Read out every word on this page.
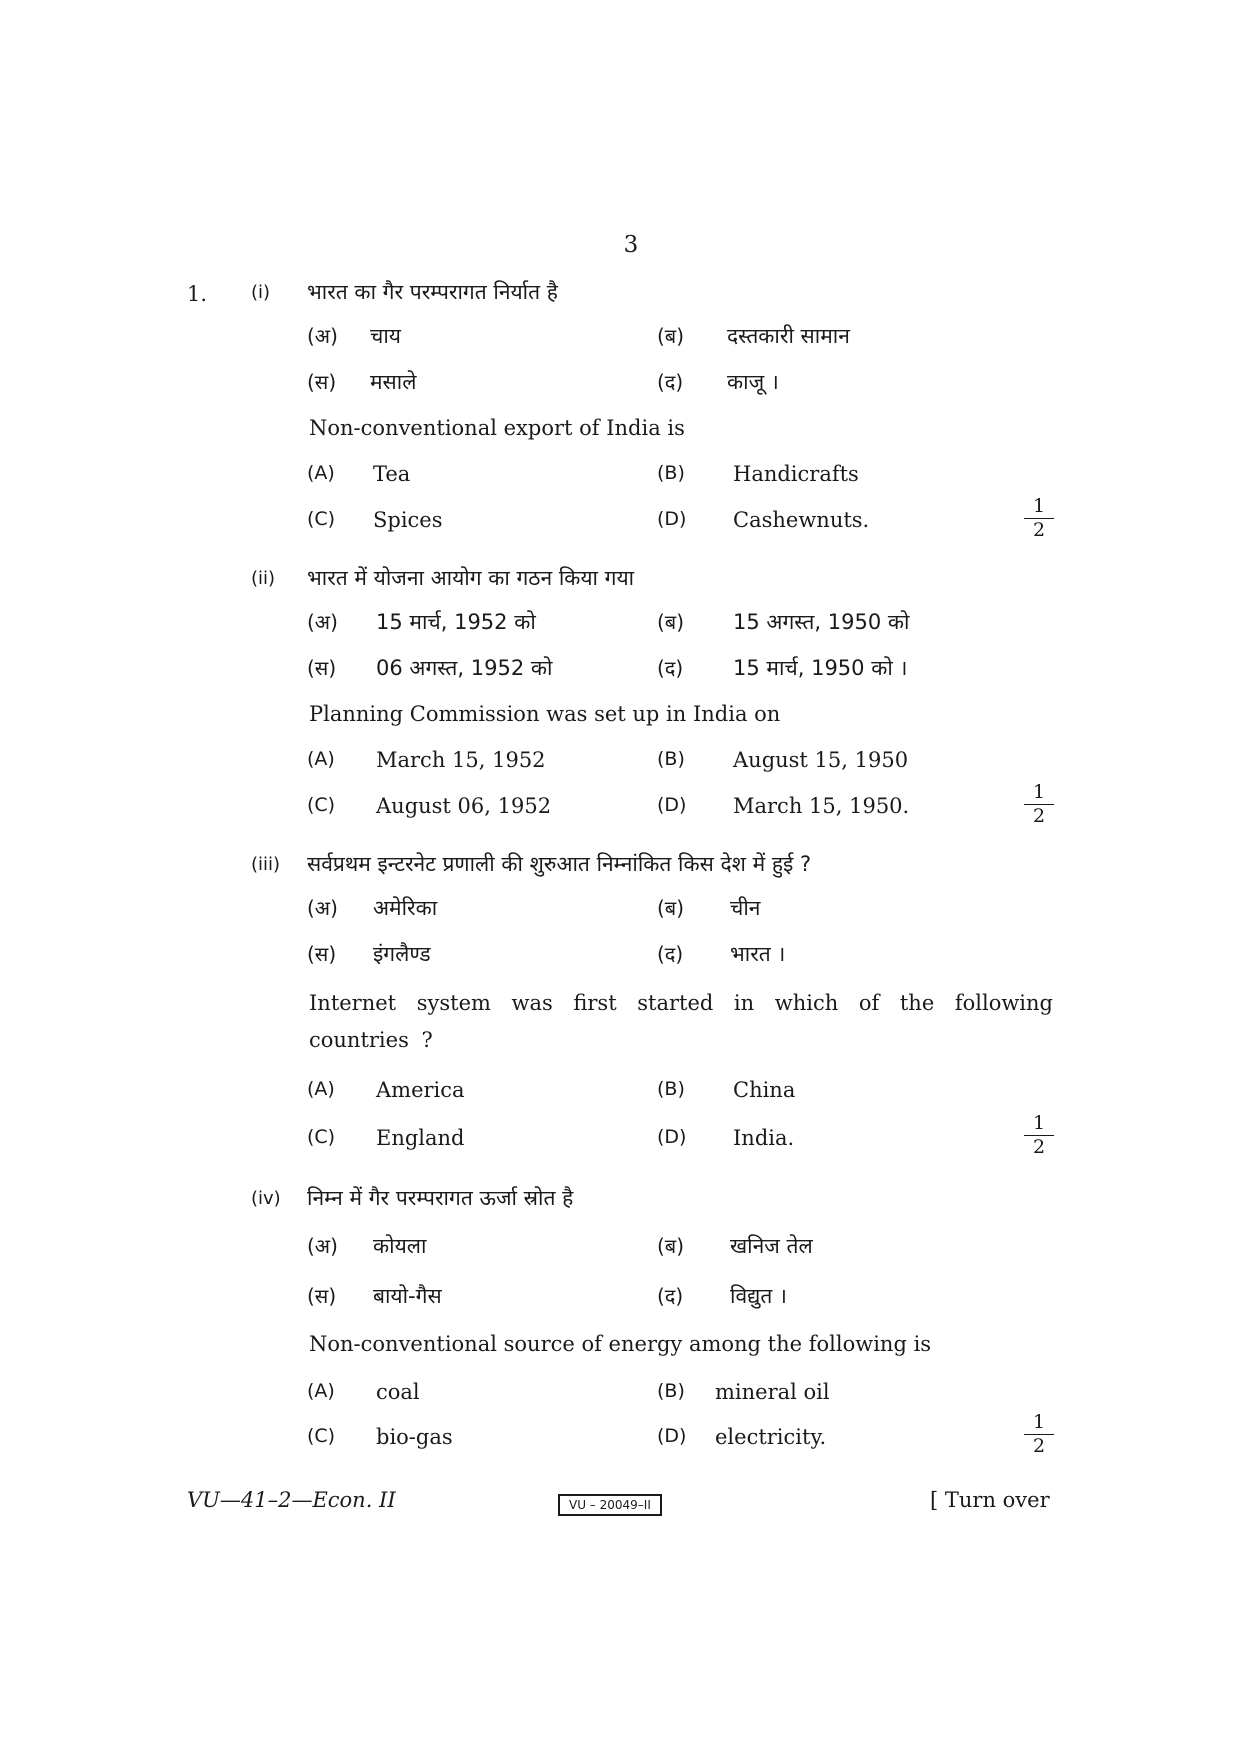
3
1. (i) भारत का गैर परम्परागत निर्यात है
(अ) चाय	(ब) दस्तकारी सामान
(स) मसाले	(द) काजू ।
Non-conventional export of India is
(A) Tea	(B) Handicrafts
(C) Spices	(D) Cashewnuts.	$\frac{1}{2}$
(ii) भारत में योजना आयोग का गठन किया गया
(अ) 15 मार्च, 1952 को	(ब) 15 अगस्त, 1950 को
(स) 06 अगस्त, 1952 को	(द) 15 मार्च, 1950 को ।
Planning Commission was set up in India on
(A) March 15, 1952	(B) August 15, 1950
(C) August 06, 1952	(D) March 15, 1950.	$\frac{1}{2}$
(iii) सर्वप्रथम इन्टरनेट प्रणाली की शुरुआत निम्नांकित किस देश में हुई ?
(अ) अमेरिका	(ब) चीन
(स) इंगलैण्ड	(द) भारत ।
Internet system was first started in which of the following countries ?
(A) America	(B) China
(C) England	(D) India.	$\frac{1}{2}$
(iv) निम्न में गैर परम्परागत ऊर्जा स्रोत है
(अ) कोयला	(ब) खनिज तेल
(स) बायो-गैस	(द) विद्युत ।
Non-conventional source of energy among the following is
(A) coal	(B) mineral oil
(C) bio-gas	(D) electricity.	$\frac{1}{2}$
VU—41–2—Econ. II	VU – 20049–II	[ Turn over
